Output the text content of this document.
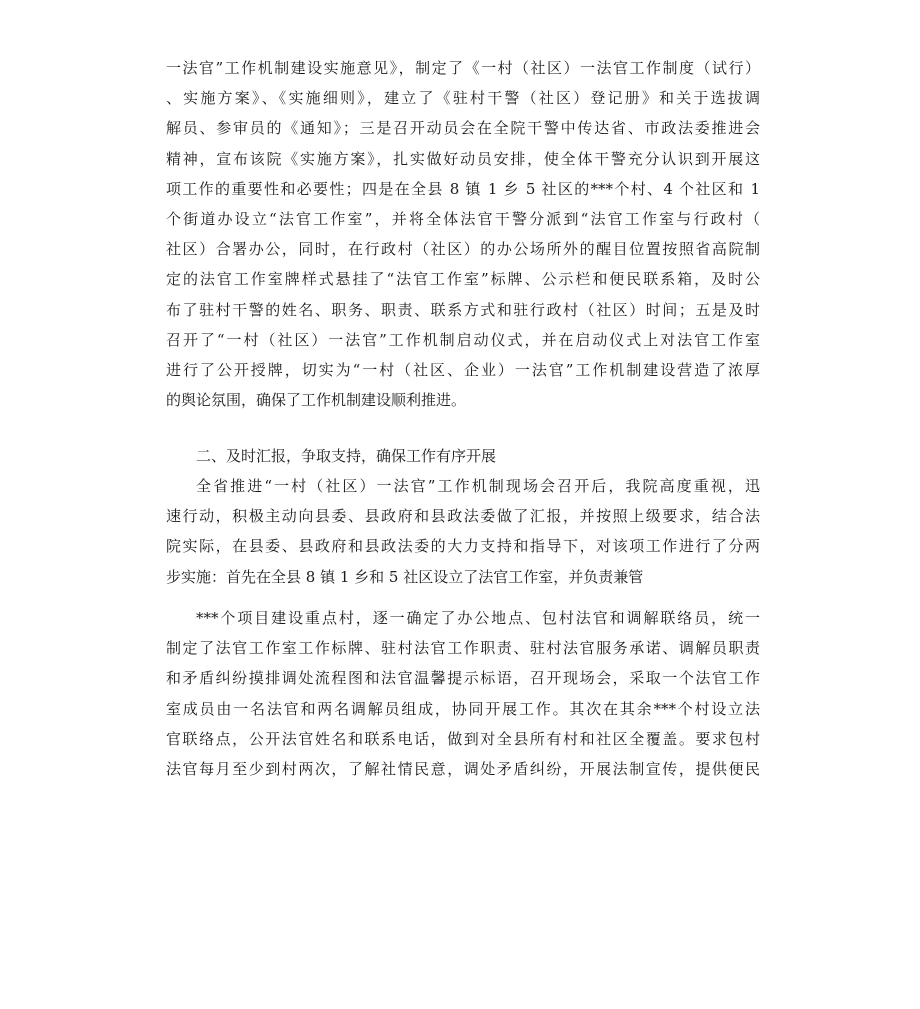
一法官”工作机制建设实施意见》，制定了《一村（社区）一法官工作制度（试行）
、实施方案》、《实施细则》，建立了《驻村干警（社区）登记册》和关于选拔调
解员、参审员的《通知》；三是召开动员会在全院干警中传达省、市政法委推进会
精神，宣布该院《实施方案》，扎实做好动员安排，使全体干警充分认识到开展这
项工作的重要性和必要性；四是在全县 8 镇 1 乡 5 社区的***个村、4 个社区和 1
个街道办设立“法官工作室”，并将全体法官干警分派到“法官工作室与行政村（
社区）合署办公，同时，在行政村（社区）的办公场所外的醒目位置按照省高院制
定的法官工作室牌样式悬挂了“法官工作室”标牌、公示栏和便民联系箱，及时公
布了驻村干警的姓名、职务、职责、联系方式和驻行政村（社区）时间；五是及时
召开了“一村（社区）一法官”工作机制启动仪式，并在启动仪式上对法官工作室
进行了公开授牌，切实为“一村（社区、企业）一法官”工作机制建设营造了浓厚
的舆论氛围，确保了工作机制建设顺利推进。
二、及时汇报，争取支持，确保工作有序开展
全省推进“一村（社区）一法官”工作机制现场会召开后，我院高度重视，迅
速行动，积极主动向县委、县政府和县政法委做了汇报，并按照上级要求，结合法
院实际，在县委、县政府和县政法委的大力支持和指导下，对该项工作进行了分两
步实施：首先在全县 8 镇 1 乡和 5 社区设立了法官工作室，并负责兼管
***个项目建设重点村，逐一确定了办公地点、包村法官和调解联络员，统一
制定了法官工作室工作标牌、驻村法官工作职责、驻村法官服务承诺、调解员职责
和矛盾纠纷摸排调处流程图和法官温馨提示标语，召开现场会，采取一个法官工作
室成员由一名法官和两名调解员组成，协同开展工作。其次在其余***个村设立法
官联络点，公开法官姓名和联系电话，做到对全县所有村和社区全覆盖。要求包村
法官每月至少到村两次，了解社情民意，调处矛盾纠纷，开展法制宣传，提供便民
